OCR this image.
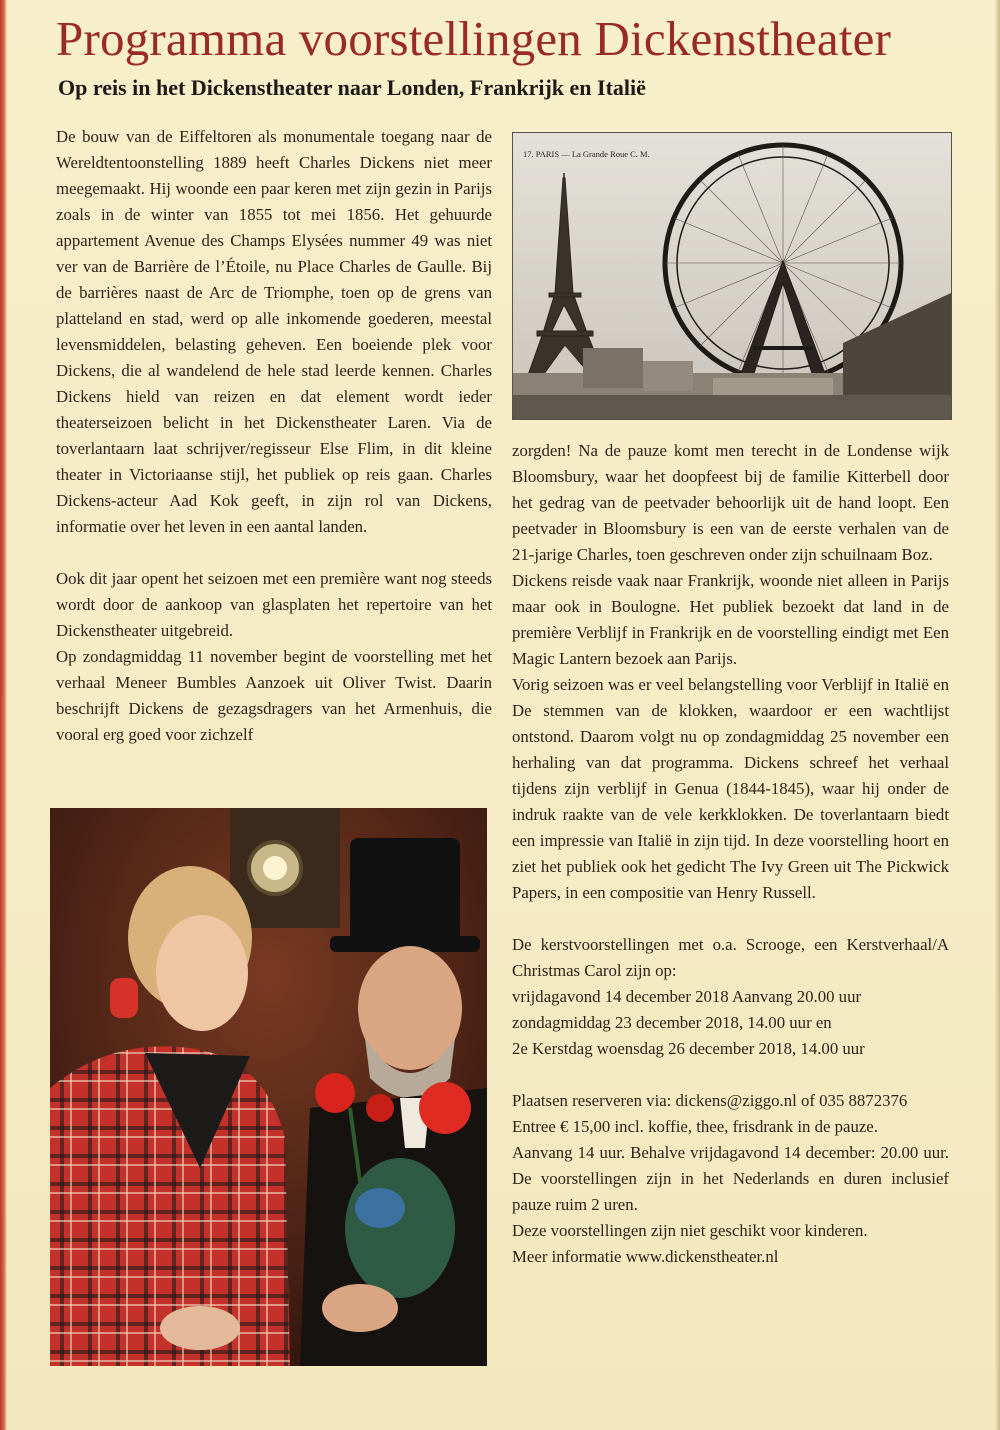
Programma voorstellingen Dickenstheater
Op reis in het Dickenstheater naar Londen, Frankrijk en Italië

De bouw van de Eiffeltoren als monumentale toegang naar de Wereldtentoonstelling 1889 heeft Charles Dickens niet meer meegemaakt. Hij woonde een paar keren met zijn gezin in Parijs zoals in de winter van 1855 tot mei 1856. Het gehuurde appartement Avenue des Champs Elysées nummer 49 was niet ver van de Barrière de l’Étoile, nu Place Charles de Gaulle. Bij de barrières naast de Arc de Triomphe, toen op de grens van platteland en stad, werd op alle inkomende goederen, meestal levensmiddelen, belasting geheven. Een boeiende plek voor Dickens, die al wandelend de hele stad leerde kennen. Charles Dickens hield van reizen en dat element wordt ieder theaterseizoen belicht in het Dickenstheater Laren. Via de toverlantaarn laat schrijver/regisseur Else Flim, in dit kleine theater in Victoriaanse stijl, het publiek op reis gaan. Charles Dickens-acteur Aad Kok geeft, in zijn rol van Dickens, informatie over het leven in een aantal landen.

Ook dit jaar opent het seizoen met een première want nog steeds wordt door de aankoop van glasplaten het repertoire van het Dickenstheater uitgebreid.

Op zondagmiddag 11 november begint de voorstelling met het verhaal Meneer Bumbles Aanzoek uit Oliver Twist. Daarin beschrijft Dickens de gezagsdragers van het Armenhuis, die vooral erg goed voor zichzelf

17. PARIS — La Grande Roue C. M.

zorgden! Na de pauze komt men terecht in de Londense wijk Bloomsbury, waar het doopfeest bij de familie Kitterbell door het gedrag van de peetvader behoorlijk uit de hand loopt. Een peetvader in Bloomsbury is een van de eerste verhalen van de 21-jarige Charles, toen geschreven onder zijn schuilnaam Boz.

Dickens reisde vaak naar Frankrijk, woonde niet alleen in Parijs maar ook in Boulogne. Het publiek bezoekt dat land in de première Verblijf in Frankrijk en de voorstelling eindigt met Een Magic Lantern bezoek aan Parijs.

Vorig seizoen was er veel belangstelling voor Verblijf in Italië en De stemmen van de klokken, waardoor er een wachtlijst ontstond. Daarom volgt nu op zondagmiddag 25 november een herhaling van dat programma. Dickens schreef het verhaal tijdens zijn verblijf in Genua (1844-1845), waar hij onder de indruk raakte van de vele kerkklokken. De toverlantaarn biedt een impressie van Italië in zijn tijd. In deze voorstelling hoort en ziet het publiek ook het gedicht The Ivy Green uit The Pickwick Papers, in een compositie van Henry Russell.

De kerstvoorstellingen met o.a. Scrooge, een Kerstverhaal/A Christmas Carol zijn op:

vrijdagavond 14 december 2018 Aanvang 20.00 uur

zondagmiddag 23 december 2018, 14.00 uur en

2e Kerstdag woensdag 26 december 2018, 14.00 uur

Plaatsen reserveren via: dickens@ziggo.nl of 035 8872376

Entree € 15,00 incl. koffie, thee, frisdrank in de pauze.

Aanvang 14 uur. Behalve vrijdagavond 14 december: 20.00 uur. De voorstellingen zijn in het Nederlands en duren inclusief pauze ruim 2 uren.

Deze voorstellingen zijn niet geschikt voor kinderen.

Meer informatie www.dickenstheater.nl
